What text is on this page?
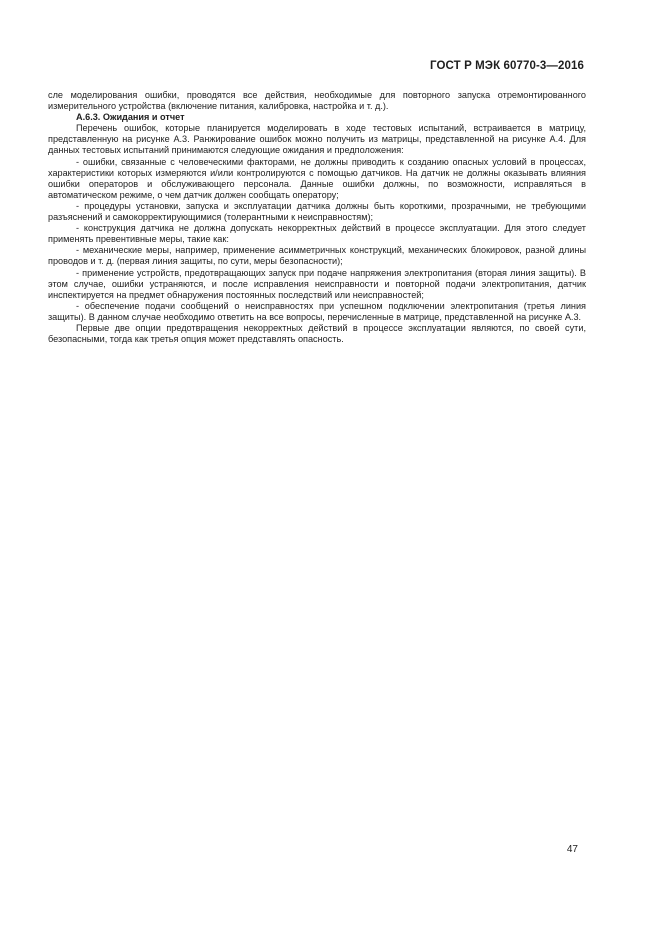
ГОСТ Р МЭК 60770-3—2016

сле моделирования ошибки, проводятся все действия, необходимые для повторного запуска отремонтированного измерительного устройства (включение питания, калибровка, настройка и т. д.).

А.6.3. Ожидания и отчет

Перечень ошибок, которые планируется моделировать в ходе тестовых испытаний, встраивается в матрицу, представленную на рисунке А.3. Ранжирование ошибок можно получить из матрицы, представленной на рисунке А.4. Для данных тестовых испытаний принимаются следующие ожидания и предположения:

- ошибки, связанные с человеческими факторами, не должны приводить к созданию опасных условий в процессах, характеристики которых измеряются и/или контролируются с помощью датчиков. На датчик не должны оказывать влияния ошибки операторов и обслуживающего персонала. Данные ошибки должны, по возможности, исправляться в автоматическом режиме, о чем датчик должен сообщать оператору;

- процедуры установки, запуска и эксплуатации датчика должны быть короткими, прозрачными, не требующими разъяснений и самокорректирующимися (толерантными к неисправностям);

- конструкция датчика не должна допускать некорректных действий в процессе эксплуатации. Для этого следует применять превентивные меры, такие как:

- механические меры, например, применение асимметричных конструкций, механических блокировок, разной длины проводов и т. д. (первая линия защиты, по сути, меры безопасности);

- применение устройств, предотвращающих запуск при подаче напряжения электропитания (вторая линия защиты). В этом случае, ошибки устраняются, и после исправления неисправности и повторной подачи электропитания, датчик инспектируется на предмет обнаружения постоянных последствий или неисправностей;

- обеспечение подачи сообщений о неисправностях при успешном подключении электропитания (третья линия защиты). В данном случае необходимо ответить на все вопросы, перечисленные в матрице, представленной на рисунке А.3.

Первые две опции предотвращения некорректных действий в процессе эксплуатации являются, по своей сути, безопасными, тогда как третья опция может представлять опасность.

47
